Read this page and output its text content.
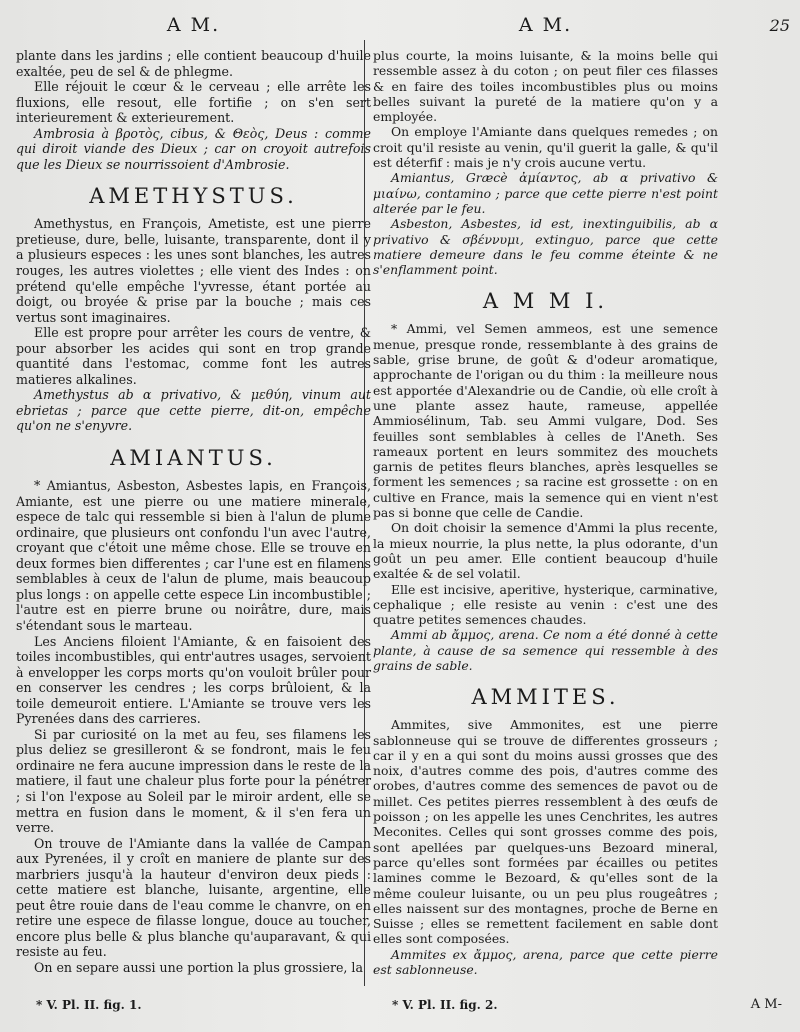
25
A M.

plante dans les jardins ; elle contient beaucoup d'huile exaltée, peu de sel & de phlegme.

Elle réjouit le cœur & le cerveau ; elle arrête les fluxions, elle resout, elle fortifie ; on s'en sert interieurement & exterieurement.

Ambrosia à βροτὸς, cibus, & Θεὸς, Deus : comme qui diroit viande des Dieux ; car on croyoit autrefois que les Dieux se nourrissoient d'Ambrosie.

AMETHYSTUS.

Amethystus, en François, Ametiste, est une pierre pretieuse, dure, belle, luisante, transparente, dont il y a plusieurs especes : les unes sont blanches, les autres rouges, les autres violettes ; elle vient des Indes : on prétend qu'elle empêche l'yvresse, étant portée au doigt, ou broyée & prise par la bouche ; mais ces vertus sont imaginaires.

Elle est propre pour arrêter les cours de ventre, & pour absorber les acides qui sont en trop grande quantité dans l'estomac, comme font les autres matieres alkalines.

Amethystus ab α privativo, & μεθύη, vinum aut ebrietas ; parce que cette pierre, dit-on, empêche qu'on ne s'enyvre.

AMIANTUS.

* Amiantus, Asbeston, Asbestes lapis, en François, Amiante, est une pierre ou une matiere minerale, espece de talc qui ressemble si bien à l'alun de plume ordinaire, que plusieurs ont confondu l'un avec l'autre, croyant que c'étoit une même chose. Elle se trouve en deux formes bien differentes ; car l'une est en filamens semblables à ceux de l'alun de plume, mais beaucoup plus longs : on appelle cette espece Lin incombustible ; l'autre est en pierre brune ou noirâtre, dure, mais s'étendant sous le marteau.

Les Anciens filoient l'Amiante, & en faisoient des toiles incombustibles, qui entr'autres usages, servoient à envelopper les corps morts qu'on vouloit brûler pour en conserver les cendres ; les corps brûloient, & la toile demeuroit entiere. L'Amiante se trouve vers les Pyrenées dans des carrieres.

Si par curiosité on la met au feu, ses filamens les plus deliez se gresilleront & se fondront, mais le feu ordinaire ne fera aucune impression dans le reste de la matiere, il faut une chaleur plus forte pour la pénétrer ; si l'on l'expose au Soleil par le miroir ardent, elle se mettra en fusion dans le moment, & il s'en fera un verre.

On trouve de l'Amiante dans la vallée de Campan aux Pyrenées, il y croît en maniere de plante sur des marbriers jusqu'à la hauteur d'environ deux pieds : cette matiere est blanche, luisante, argentine, elle peut être rouie dans de l'eau comme le chanvre, on en retire une espece de filasse longue, douce au toucher, encore plus belle & plus blanche qu'auparavant, & qui resiste au feu.

On en separe aussi une portion la plus grossiere, la

* V. Pl. II. fig. 1.
A M.

plus courte, la moins luisante, & la moins belle qui ressemble assez à du coton ; on peut filer ces filasses & en faire des toiles incombustibles plus ou moins belles suivant la pureté de la matiere qu'on y a employée.

On employe l'Amiante dans quelques remedes ; on croit qu'il resiste au venin, qu'il guerit la galle, & qu'il est déterfif : mais je n'y crois aucune vertu.

Amiantus, Græcè ἀμίαντος, ab α privativo & μιαίνω, contamino ; parce que cette pierre n'est point alterée par le feu.

Asbeston, Asbestes, id est, inextinguibilis, ab α privativo & σβέννυμι, extinguo, parce que cette matiere demeure dans le feu comme éteinte & ne s'enflamment point.

A M M I.

* Ammi, vel Semen ammeos, est une semence menue, presque ronde, ressemblante à des grains de sable, grise brune, de goût & d'odeur aromatique, approchante de l'origan ou du thim : la meilleure nous est apportée d'Alexandrie ou de Candie, où elle croît à une plante assez haute, rameuse, appellée Ammiosélinum, Tab. seu Ammi vulgare, Dod. Ses feuilles sont semblables à celles de l'Aneth. Ses rameaux portent en leurs sommitez des mouchets garnis de petites fleurs blanches, après lesquelles se forment les semences ; sa racine est grossette : on en cultive en France, mais la semence qui en vient n'est pas si bonne que celle de Candie.

On doit choisir la semence d'Ammi la plus recente, la mieux nourrie, la plus nette, la plus odorante, d'un goût un peu amer. Elle contient beaucoup d'huile exaltée & de sel volatil.

Elle est incisive, aperitive, hysterique, carminative, cephalique ; elle resiste au venin : c'est une des quatre petites semences chaudes.

Ammi ab ἄμμος, arena. Ce nom a été donné à cette plante, à cause de sa semence qui ressemble à des grains de sable.

AMMITES.

Ammites, sive Ammonites, est une pierre sablonneuse qui se trouve de differentes grosseurs ; car il y en a qui sont du moins aussi grosses que des noix, d'autres comme des pois, d'autres comme des orobes, d'autres comme des semences de pavot ou de millet. Ces petites pierres ressemblent à des œufs de poisson ; on les appelle les unes Cenchrites, les autres Meconites. Celles qui sont grosses comme des pois, sont apellées par quelques-uns Bezoard mineral, parce qu'elles sont formées par écailles ou petites lamines comme le Bezoard, & qu'elles sont de la même couleur luisante, ou un peu plus rougeâtres ; elles naissent sur des montagnes, proche de Berne en Suisse ; elles se remettent facilement en sable dont elles sont composées.

Ammites ex ἄμμος, arena, parce que cette pierre est sablonneuse.

* V. Pl. II. fig. 2.	A M-
